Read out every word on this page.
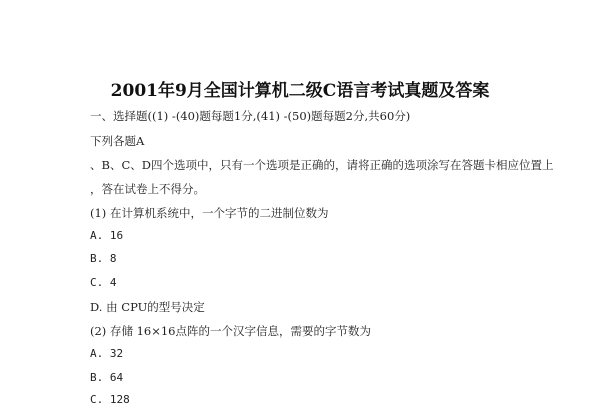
2001年9月全国计算机二级C语言考试真题及答案
一、选择题((1) -(40)题每题1分,(41) -(50)题每题2分,共60分)
下列各题A
、B、C、D四个选项中，只有一个选项是正确的，请将正确的选项涂写在答题卡相应位置上
，答在试卷上不得分。
(1) 在计算机系统中，一个字节的二进制位数为
A. 16
B. 8
C. 4
D. 由 CPU的型号决定
(2) 存储 16×16点阵的一个汉字信息，需要的字节数为
A. 32
B. 64
C. 128
